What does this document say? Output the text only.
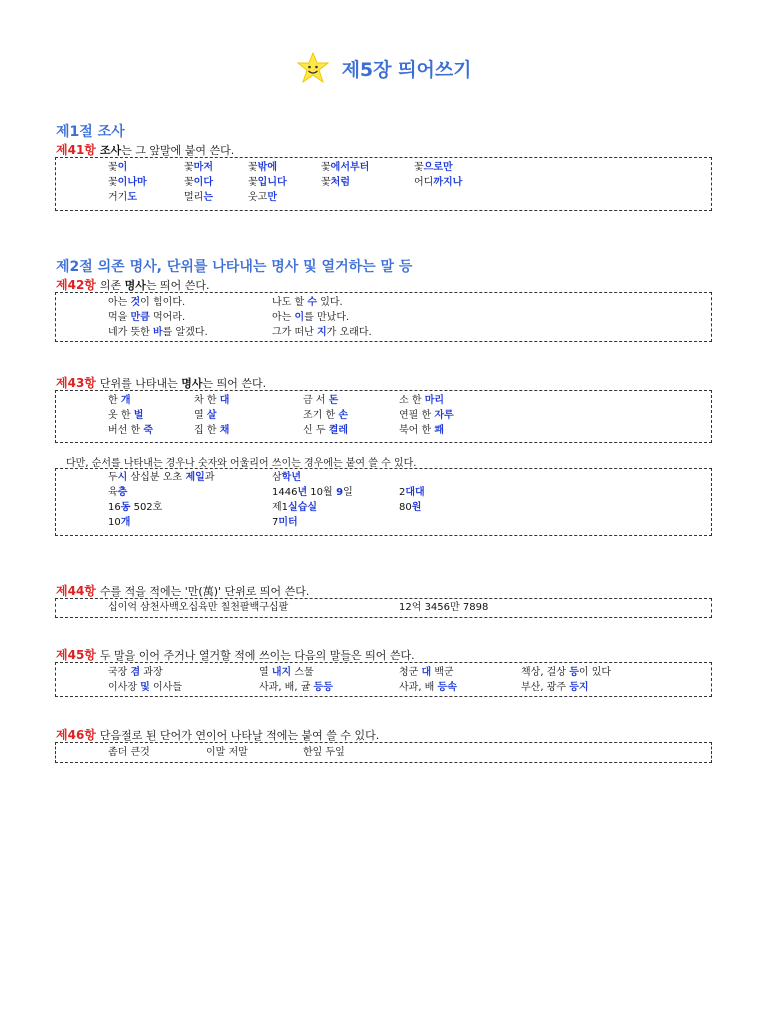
제5장 띄어쓰기
제1절 조사
제41항 조사는 그 앞말에 붙여 쓴다.
꽃이	꽃마저	꽃밖에	꽃에서부터	꽃으로만
꽃이나마	꽃이다	꽃입니다	꽃처럼	어디까지나
거기도	멀리는	웃고만
제2절 의존 명사, 단위를 나타내는 명사 및 열거하는 말 등
제42항 의존 명사는 띄어 쓴다.
아는 것이 힘이다.	나도 할 수 있다.
먹을 만큼 먹어라.	아는 이를 만났다.
네가 뜻한 바를 알겠다.	그가 떠난 지가 오래다.
제43항 단위를 나타내는 명사는 띄어 쓴다.
한 개	차 한 대	금 서 돈	소 한 마리
옷 한 벌	열 살	조기 한 손	연필 한 자루
버선 한 죽	집 한 채	신 두 켤레	북어 한 쾌
다만, 순서를 나타내는 경우나 숫자와 어울리어 쓰이는 경우에는 붙여 쓸 수 있다.
두시 삼십분 오초 제일과	삼학년
육층	1446년 10월 9일	2대대
16동 502호	제1실습실	80원
10개	7미터
제44항 수를 적을 적에는 '만(萬)' 단위로 띄어 쓴다.
십이억 삼천사백오십육만 칠천팔백구십팔	12억 3456만 7898
제45항 두 말을 이어 주거나 열거할 적에 쓰이는 다음의 말들은 띄어 쓴다.
국장 겸 과장	열 내지 스물	청군 대 백군	책상, 걸상 등이 있다
이사장 및 이사들	사과, 배, 귤 등등	사과, 배 등속	부산, 광주 등지
제46항 단음절로 된 단어가 연이어 나타날 적에는 붙여 쓸 수 있다.
좀더 큰것	이말 저말	한잎 두잎
